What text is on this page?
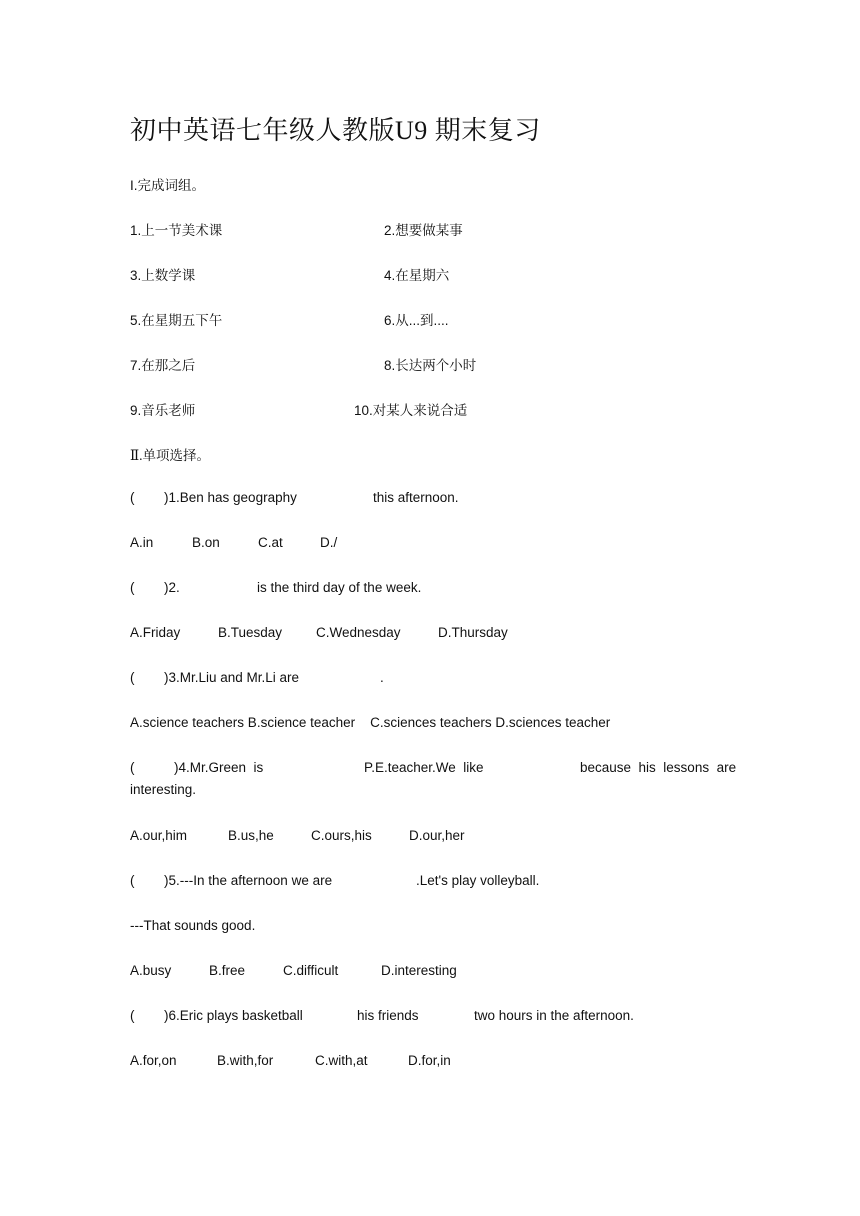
初中英语七年级人教版U9 期末复习
I.完成词组。
1.上一节美术课	2.想要做某事
3.上数学课	4.在星期六
5.在星期五下午	6.从...到....
7.在那之后	8.长达两个小时
9.音乐老师	10.对某人来说合适
Ⅱ.单项选择。
( )1.Ben has geography	this afternoon.
A.in	B.on	C.at	D./
( )2.	is the third day of the week.
A.Friday	B.Tuesday	C.Wednesday	D.Thursday
( )3.Mr.Liu and Mr.Li are	.
A.science teachers B.science teacher    C.sciences teachers D.sciences teacher
(	)4.Mr.Green  is	P.E.teacher.We  like	because  his  lessons  are
interesting.
A.our,him	B.us,he	C.ours,his	D.our,her
( )5.---In the afternoon we are	.Let's play volleyball.
---That sounds good.
A.busy	B.free	C.difficult	D.interesting
( )6.Eric plays basketball	his friends	two hours in the afternoon.
A.for,on	B.with,for	C.with,at	D.for,in
